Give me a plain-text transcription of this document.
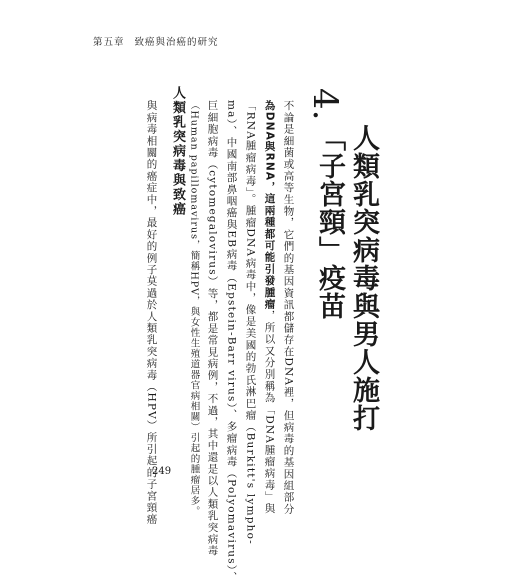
第五章 致癌與治癌的研究
4.
人類乳突病毒與男人施打
「子宮頸」疫苗
不論是細菌或高等生物，它們的基因資訊都儲存在DNA裡，但病毒的基因組部分
為DNA與RNA，這兩種都可能引發腫瘤，所以又分別稱為「DNA腫瘤病毒」與
「RNA腫瘤病毒」。腫瘤DNA病毒中，像是美國的勃氏淋巴瘤（Burkitt's lympho-
ma）、中國南部鼻咽癌與EB病毒（Epstein-Barr virus）、多瘤病毒（Polyomavirus）、
巨細胞病毒（cytomegalovirus）等，都是常見病例，不過，其中還是以人類乳突病毒
（Human papillomavirus，簡稱HPV，與女性生殖道器官病相關）引起的腫瘤居多。
人類乳突病毒與致癌
與病毒相關的癌症中，最好的例子莫過於人類乳突病毒（HPV）所引起的子宮頸癌
249
